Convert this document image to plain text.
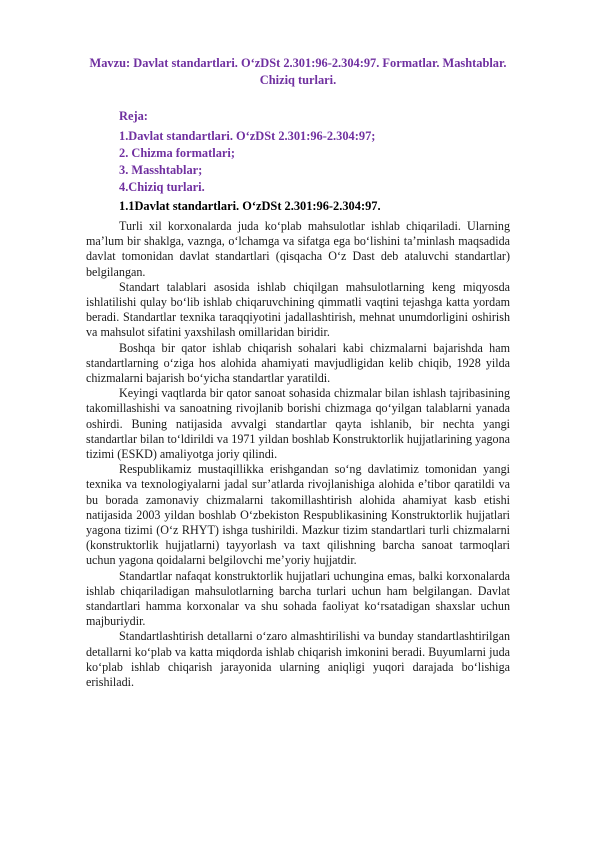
Mavzu: Davlat standartlari. O‘zDSt 2.301:96-2.304:97. Formatlar. Mashtablar. Chiziq turlari.
Reja:
1.Davlat standartlari. O‘zDSt 2.301:96-2.304:97;
2. Chizma formatlari;
3. Masshtablar;
4.Chiziq turlari.
1.1Davlat standartlari. O‘zDSt 2.301:96-2.304:97.

Turli xil korxonalarda juda ko‘plab mahsulotlar ishlab chiqariladi. Ularning ma’lum bir shaklga, vaznga, o‘lchamga va sifatga ega bo‘lishini ta’minlash maqsadida davlat tomonidan davlat standartlari (qisqacha O‘z Dast deb ataluvchi standartlar) belgilangan.

Standart talablari asosida ishlab chiqilgan mahsulotlarning keng miqyosda ishlatilishi qulay bo‘lib ishlab chiqaruvchining qimmatli vaqtini tejashga katta yordam beradi. Standartlar texnika taraqqiyotini jadallashtirish, mehnat unumdorligini oshirish va mahsulot sifatini yaxshilash omillaridan biridir.

Boshqa bir qator ishlab chiqarish sohalari kabi chizmalarni bajarishda ham standartlarning o‘ziga hos alohida ahamiyati mavjudligidan kelib chiqib, 1928 yilda chizmalarni bajarish bo‘yicha standartlar yaratildi.

Keyingi vaqtlarda bir qator sanoat sohasida chizmalar bilan ishlash tajribasining takomillashishi va sanoatning rivojlanib borishi chizmaga qo‘yilgan talablarni yanada oshirdi. Buning natijasida avvalgi standartlar qayta ishlanib, bir nechta yangi standartlar bilan to‘ldirildi va 1971 yildan boshlab Konstruktorlik hujjatlarining yagona tizimi (ESKD) amaliyotga joriy qilindi.

Respublikamiz mustaqillikka erishgandan so‘ng davlatimiz tomonidan yangi texnika va texnologiyalarni jadal sur’atlarda rivojlanishiga alohida e’tibor qaratildi va bu borada zamonaviy chizmalarni takomillashtirish alohida ahamiyat kasb etishi natijasida 2003 yildan boshlab O‘zbekiston Respublikasining Konstruktorlik hujjatlari yagona tizimi (O‘z RHYT) ishga tushirildi. Mazkur tizim standartlari turli chizmalarni (konstruktorlik hujjatlarni) tayyorlash va taxt qilishning barcha sanoat tarmoqlari uchun yagona qoidalarni belgilovchi me’yoriy hujjatdir.

Standartlar nafaqat konstruktorlik hujjatlari uchungina emas, balki korxonalarda ishlab chiqariladigan mahsulotlarning barcha turlari uchun ham belgilangan. Davlat standartlari hamma korxonalar va shu sohada faoliyat ko‘rsatadigan shaxslar uchun majburiydir.

Standartlashtirish detallarni o‘zaro almashtirilishi va bunday standartlashtirilgan detallarni ko‘plab va katta miqdorda ishlab chiqarish imkonini beradi. Buyumlarni juda ko‘plab ishlab chiqarish jarayonida ularning aniqligi yuqori darajada bo‘lishiga erishiladi.
